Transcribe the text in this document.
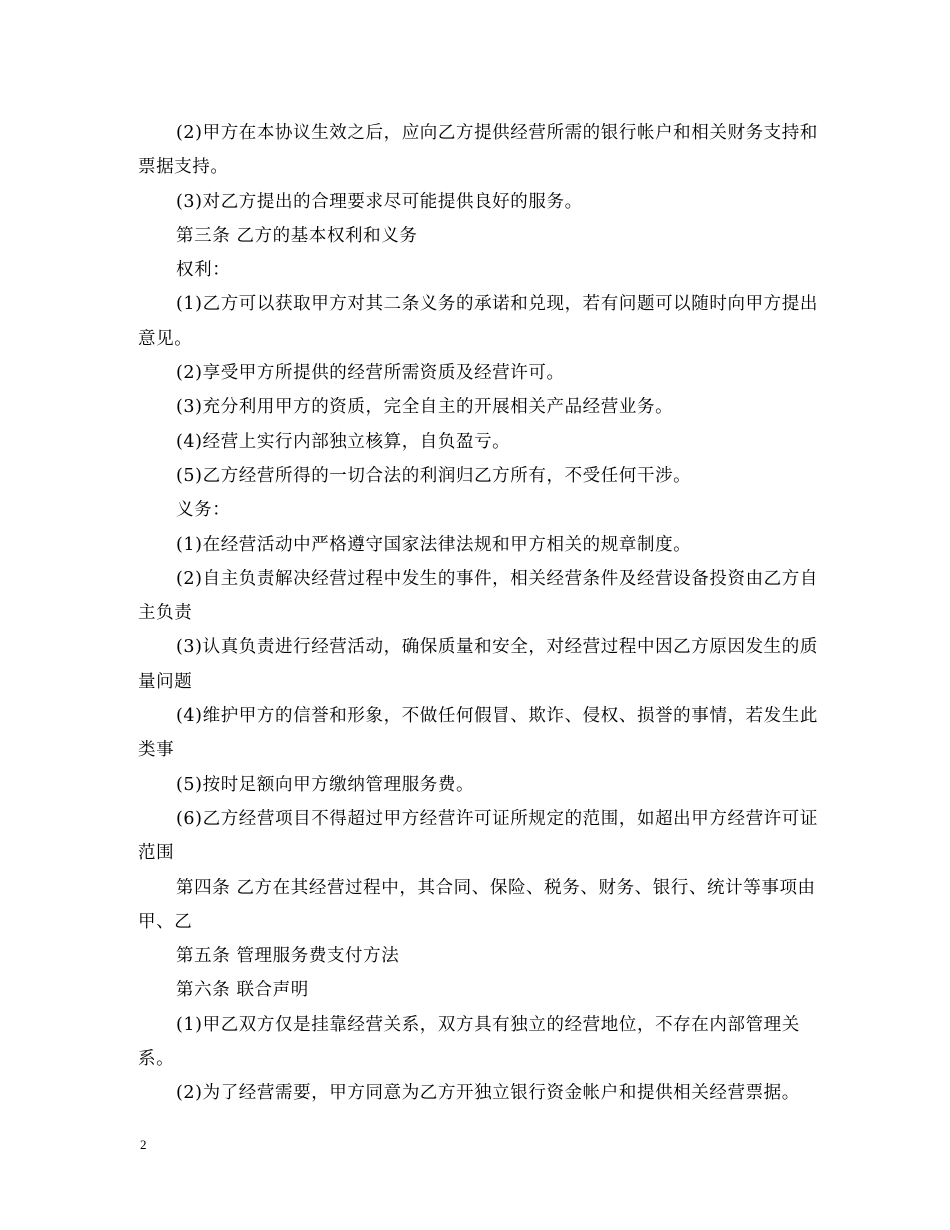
(2)甲方在本协议生效之后，应向乙方提供经营所需的银行帐户和相关财务支持和票据支持。

(3)对乙方提出的合理要求尽可能提供良好的服务。

第三条 乙方的基本权利和义务

权利：

(1)乙方可以获取甲方对其二条义务的承诺和兑现，若有问题可以随时向甲方提出意见。

(2)享受甲方所提供的经营所需资质及经营许可。

(3)充分利用甲方的资质，完全自主的开展相关产品经营业务。

(4)经营上实行内部独立核算，自负盈亏。

(5)乙方经营所得的一切合法的利润归乙方所有，不受任何干涉。

义务：

(1)在经营活动中严格遵守国家法律法规和甲方相关的规章制度。

(2)自主负责解决经营过程中发生的事件，相关经营条件及经营设备投资由乙方自主负责

(3)认真负责进行经营活动，确保质量和安全，对经营过程中因乙方原因发生的质量问题

(4)维护甲方的信誉和形象，不做任何假冒、欺诈、侵权、损誉的事情，若发生此类事

(5)按时足额向甲方缴纳管理服务费。

(6)乙方经营项目不得超过甲方经营许可证所规定的范围，如超出甲方经营许可证范围

第四条 乙方在其经营过程中，其合同、保险、税务、财务、银行、统计等事项由甲、乙

第五条 管理服务费支付方法

第六条 联合声明

(1)甲乙双方仅是挂靠经营关系，双方具有独立的经营地位，不存在内部管理关系。

(2)为了经营需要，甲方同意为乙方开独立银行资金帐户和提供相关经营票据。

2
